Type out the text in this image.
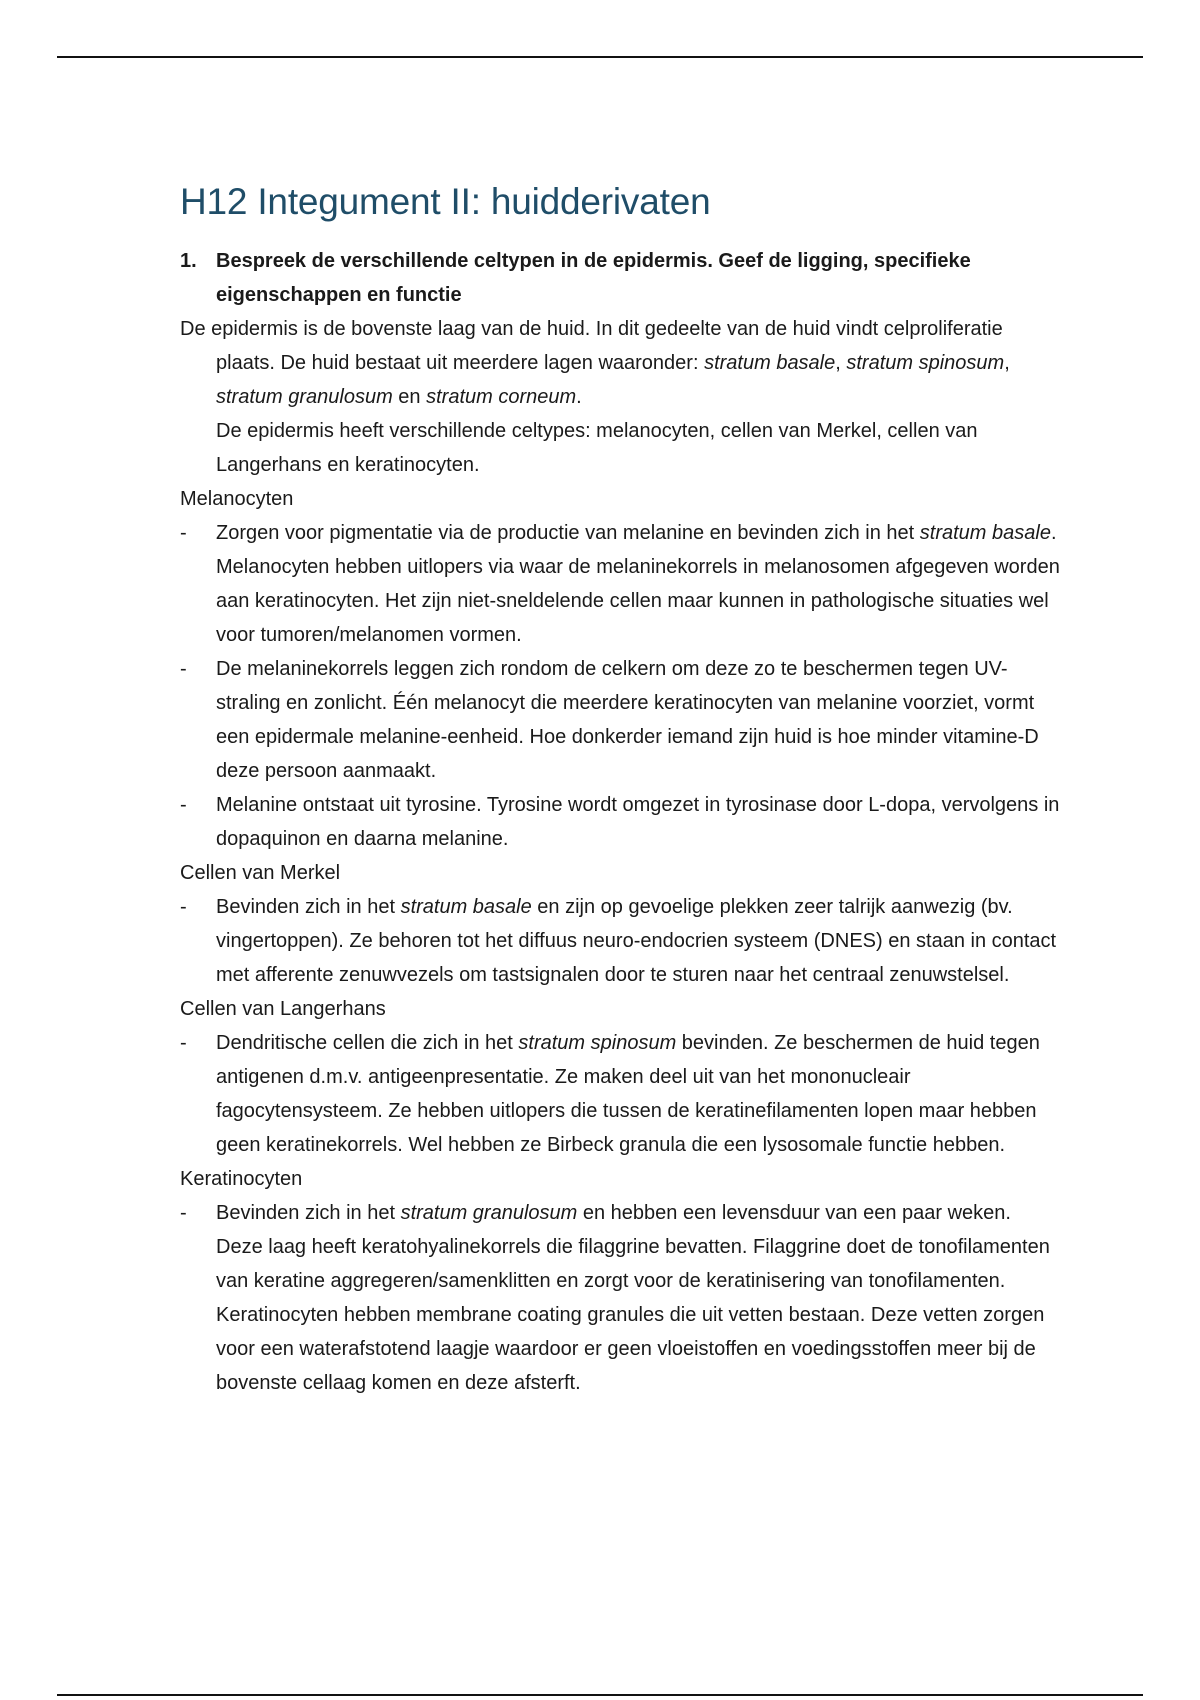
H12 Integument II: huidderivaten
1. Bespreek de verschillende celtypen in de epidermis. Geef de ligging, specifieke eigenschappen en functie
De epidermis is de bovenste laag van de huid. In dit gedeelte van de huid vindt celproliferatie plaats. De huid bestaat uit meerdere lagen waaronder: stratum basale, stratum spinosum, stratum granulosum en stratum corneum.
De epidermis heeft verschillende celtypes: melanocyten, cellen van Merkel, cellen van Langerhans en keratinocyten.
Melanocyten
-	Zorgen voor pigmentatie via de productie van melanine en bevinden zich in het stratum basale. Melanocyten hebben uitlopers via waar de melaninekorrels in melanosomen afgegeven worden aan keratinocyten. Het zijn niet-sneldelende cellen maar kunnen in pathologische situaties wel voor tumoren/melanomen vormen.
-	De melaninekorrels leggen zich rondom de celkern om deze zo te beschermen tegen UV-straling en zonlicht. Één melanocyt die meerdere keratinocyten van melanine voorziet, vormt een epidermale melanine-eenheid. Hoe donkerder iemand zijn huid is hoe minder vitamine-D deze persoon aanmaakt.
-	Melanine ontstaat uit tyrosine. Tyrosine wordt omgezet in tyrosinase door L-dopa, vervolgens in dopaquinon en daarna melanine.
Cellen van Merkel
-	Bevinden zich in het stratum basale en zijn op gevoelige plekken zeer talrijk aanwezig (bv. vingertoppen). Ze behoren tot het diffuus neuro-endocrien systeem (DNES) en staan in contact met afferente zenuwvezels om tastsignalen door te sturen naar het centraal zenuwstelsel.
Cellen van Langerhans
-	Dendritische cellen die zich in het stratum spinosum bevinden. Ze beschermen de huid tegen antigenen d.m.v. antigeenpresentatie. Ze maken deel uit van het mononucleair fagocytensysteem. Ze hebben uitlopers die tussen de keratinefilamenten lopen maar hebben geen keratinekorrels. Wel hebben ze Birbeck granula die een lysosomale functie hebben.
Keratinocyten
-	Bevinden zich in het stratum granulosum en hebben een levensduur van een paar weken. Deze laag heeft keratohyalinekorrels die filaggrine bevatten. Filaggrine doet de tonofilamenten van keratine aggregeren/samenklitten en zorgt voor de keratinisering van tonofilamenten. Keratinocyten hebben membrane coating granules die uit vetten bestaan. Deze vetten zorgen voor een waterafstotend laagje waardoor er geen vloeistoffen en voedingsstoffen meer bij de bovenste cellaag komen en deze afsterft.
